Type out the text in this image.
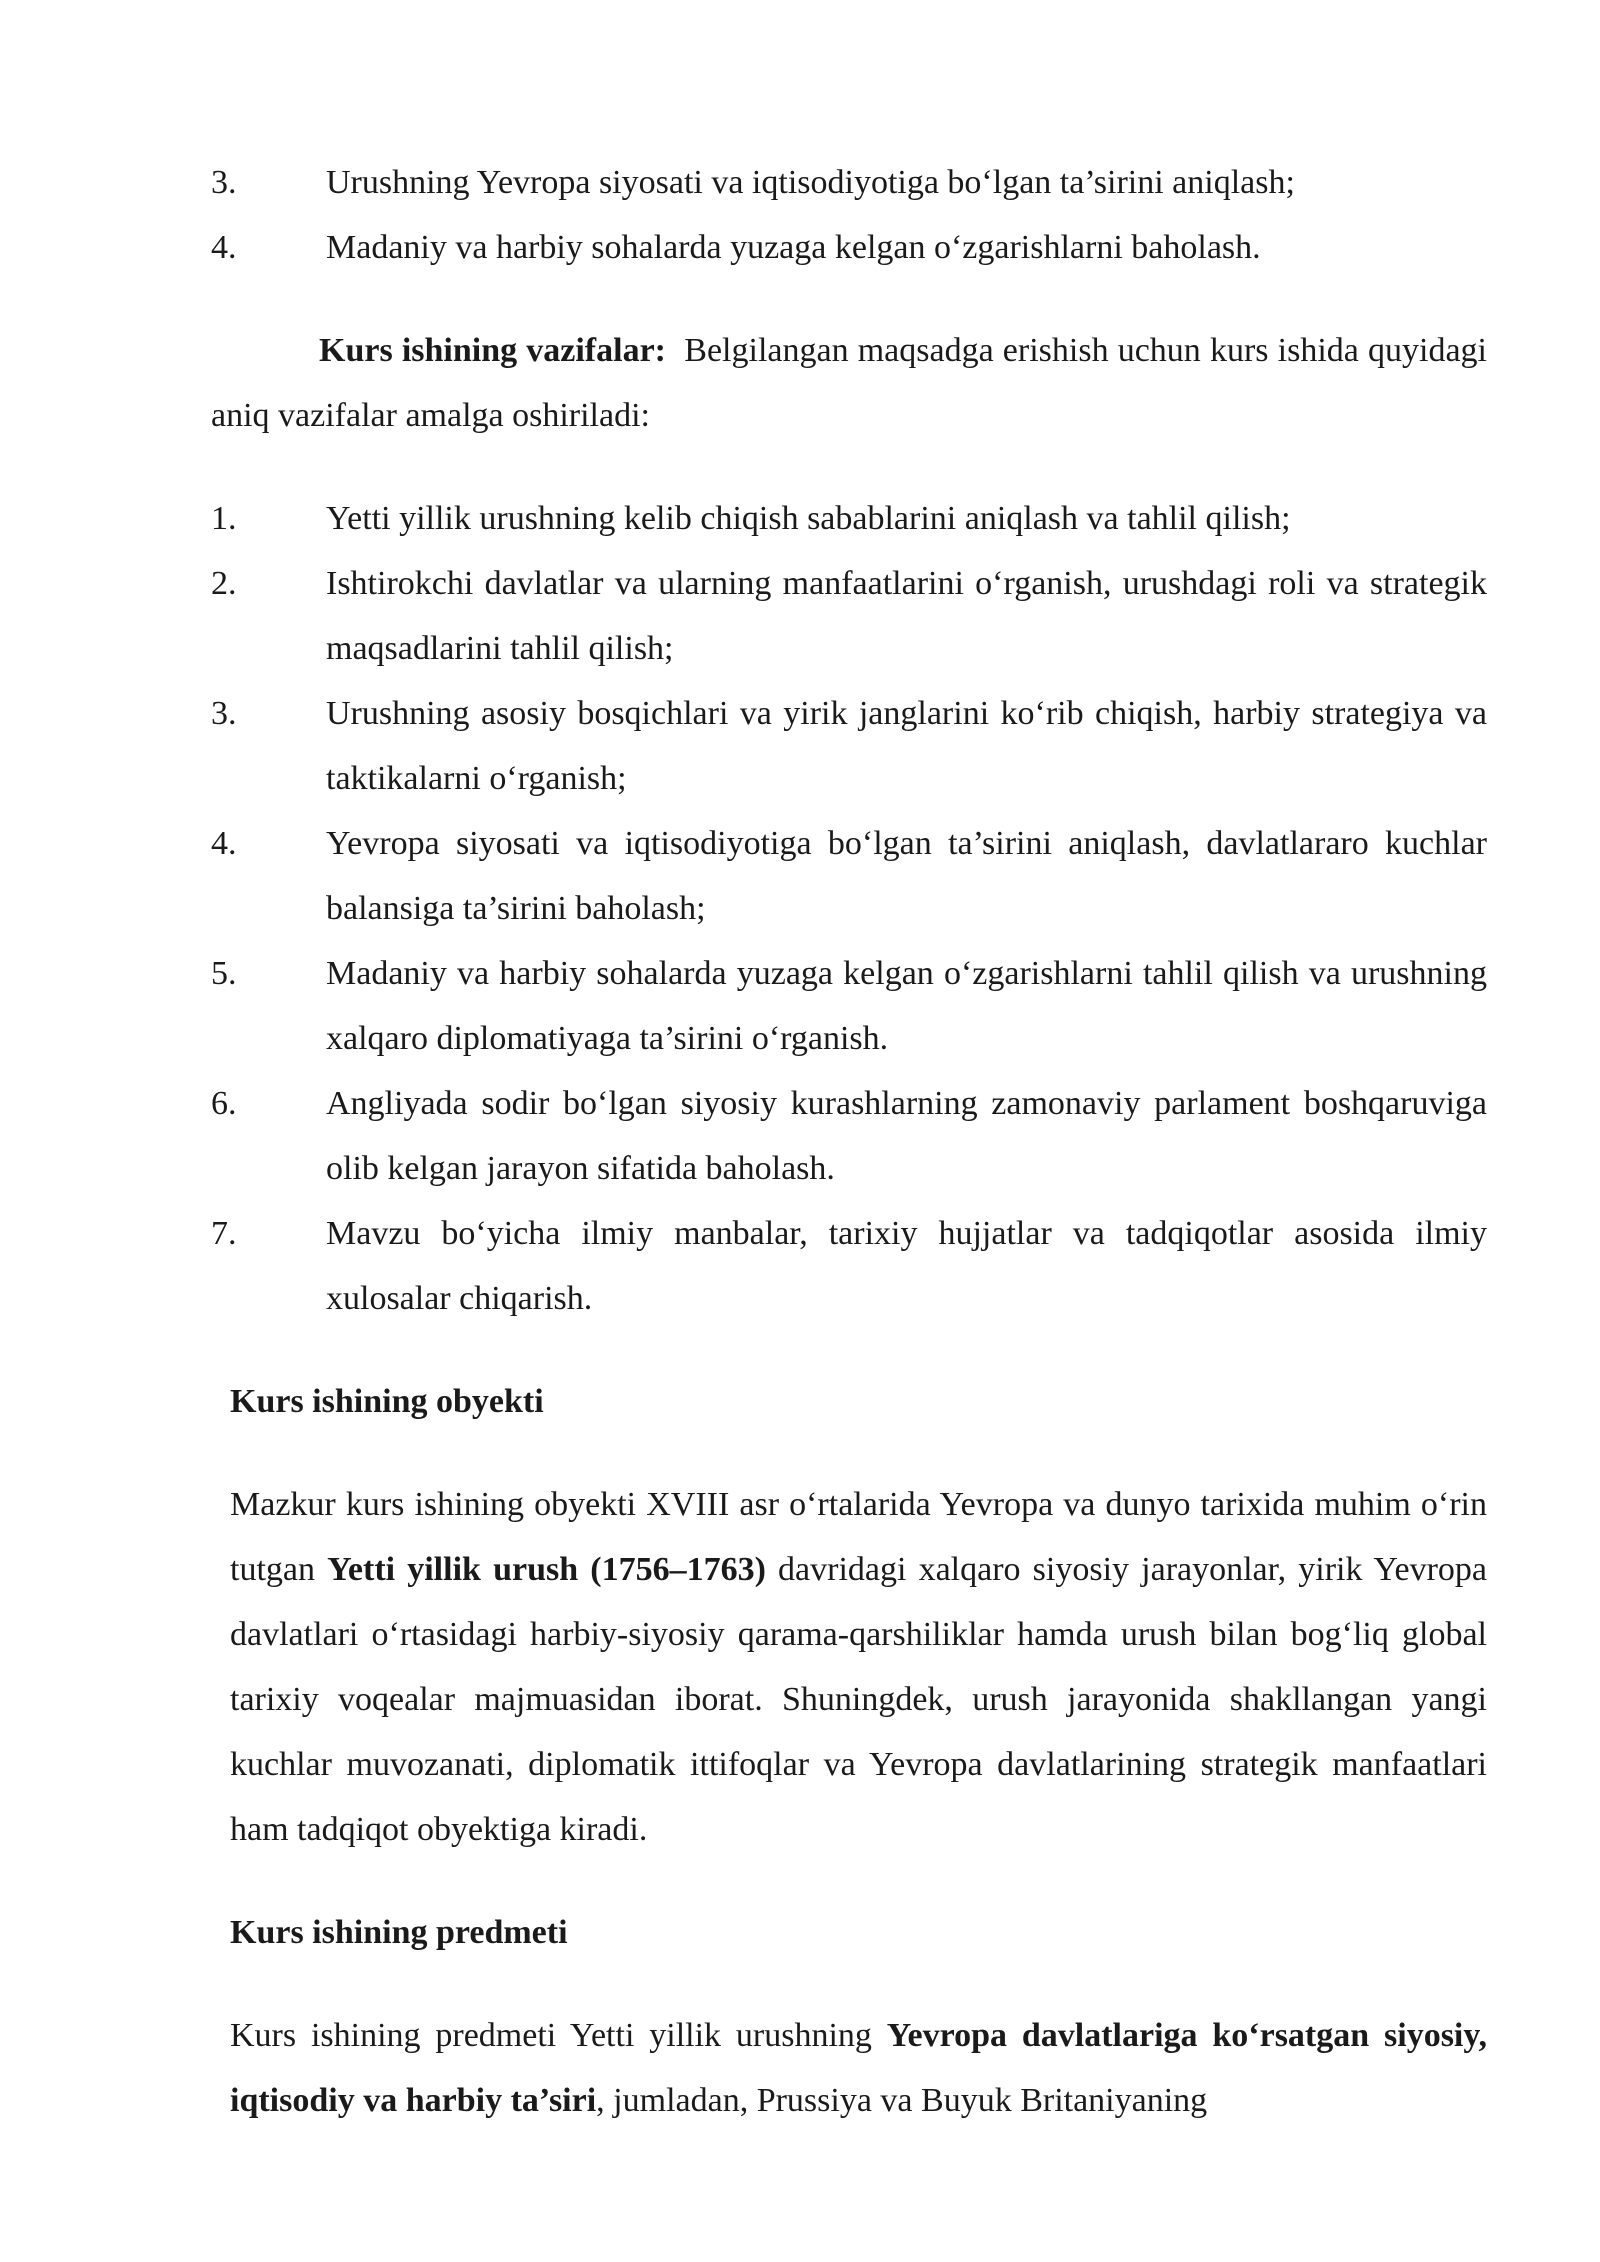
3.	Urushning Yevropa siyosati va iqtisodiyotiga bo‘lgan ta’sirini aniqlash;
4.	Madaniy va harbiy sohalarda yuzaga kelgan o‘zgarishlarni baholash.

Kurs ishining vazifalar: Belgilangan maqsadga erishish uchun kurs ishida quyidagi aniq vazifalar amalga oshiriladi:

1.	Yetti yillik urushning kelib chiqish sabablarini aniqlash va tahlil qilish;
2.	Ishtirokchi davlatlar va ularning manfaatlarini o‘rganish, urushdagi roli va strategik maqsadlarini tahlil qilish;
3.	Urushning asosiy bosqichlari va yirik janglarini ko‘rib chiqish, harbiy strategiya va taktikalarni o‘rganish;
4.	Yevropa siyosati va iqtisodiyotiga bo‘lgan ta’sirini aniqlash, davlatlararo kuchlar balansiga ta’sirini baholash;
5.	Madaniy va harbiy sohalarda yuzaga kelgan o‘zgarishlarni tahlil qilish va urushning xalqaro diplomatiyaga ta’sirini o‘rganish.
6.	Angliyada sodir bo‘lgan siyosiy kurashlarning zamonaviy parlament boshqaruviga olib kelgan jarayon sifatida baholash.
7.	Mavzu bo‘yicha ilmiy manbalar, tarixiy hujjatlar va tadqiqotlar asosida ilmiy xulosalar chiqarish.
Kurs ishining obyekti

Mazkur kurs ishining obyekti XVIII asr o‘rtalarida Yevropa va dunyo tarixida muhim o‘rin tutgan Yetti yillik urush (1756–1763) davridagi xalqaro siyosiy jarayonlar, yirik Yevropa davlatlari o‘rtasidagi harbiy-siyosiy qarama-qarshiliklar hamda urush bilan bog‘liq global tarixiy voqealar majmuasidan iborat. Shuningdek, urush jarayonida shakllangan yangi kuchlar muvozanati, diplomatik ittifoqlar va Yevropa davlatlarining strategik manfaatlari ham tadqiqot obyektiga kiradi.

Kurs ishining predmeti

Kurs ishining predmeti Yetti yillik urushning Yevropa davlatlariga ko‘rsatgan siyosiy, iqtisodiy va harbiy ta’siri, jumladan, Prussiya va Buyuk Britaniyaning
